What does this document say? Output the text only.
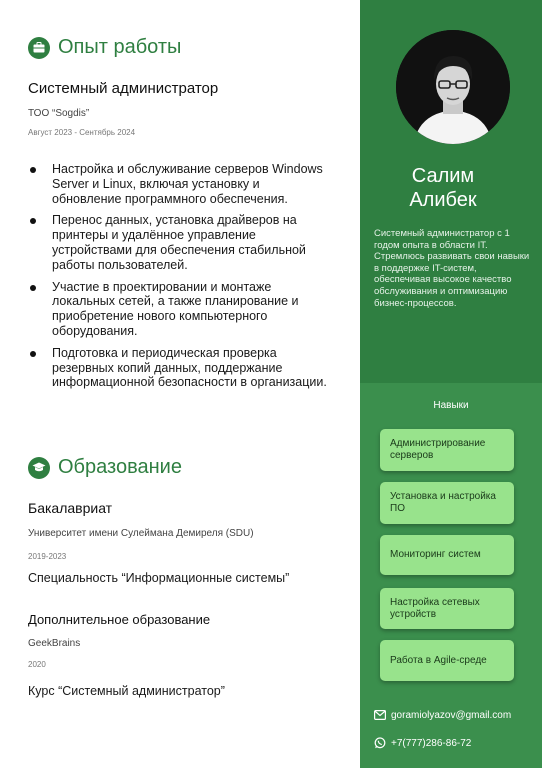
Опыт работы
Системный администратор
ТОО “Sogdis”
Август 2023 - Сентябрь 2024
Настройка и обслуживание серверов Windows Server и Linux, включая установку и обновление программного обеспечения.
Перенос данных, установка драйверов на принтеры и удалённое управление устройствами для обеспечения стабильной работы пользователей.
Участие в проектировании и монтаже локальных сетей, а также планирование и приобретение нового компьютерного оборудования.
Подготовка и периодическая проверка резервных копий данных, поддержание информационной безопасности в организации.
Образование
Бакалавриат
Университет имени Сулеймана Демиреля (SDU)
2019-2023
Специальность “Информационные системы”
Дополнительное образование
GeekBrains
2020
Курс “Системный администратор”
Салим
Алибек
Системный администратор с 1 годом опыта в области IT. Стремлюсь развивать свои навыки в поддержке IT-систем, обеспечивая высокое качество обслуживания и оптимизацию бизнес-процессов.
Навыки
Администрирование серверов
Установка и настройка ПО
Мониторинг систем
Настройка сетевых устройств
Работа в Agile-среде
goramiolyazov@gmail.com
+7(777)286-86-72
